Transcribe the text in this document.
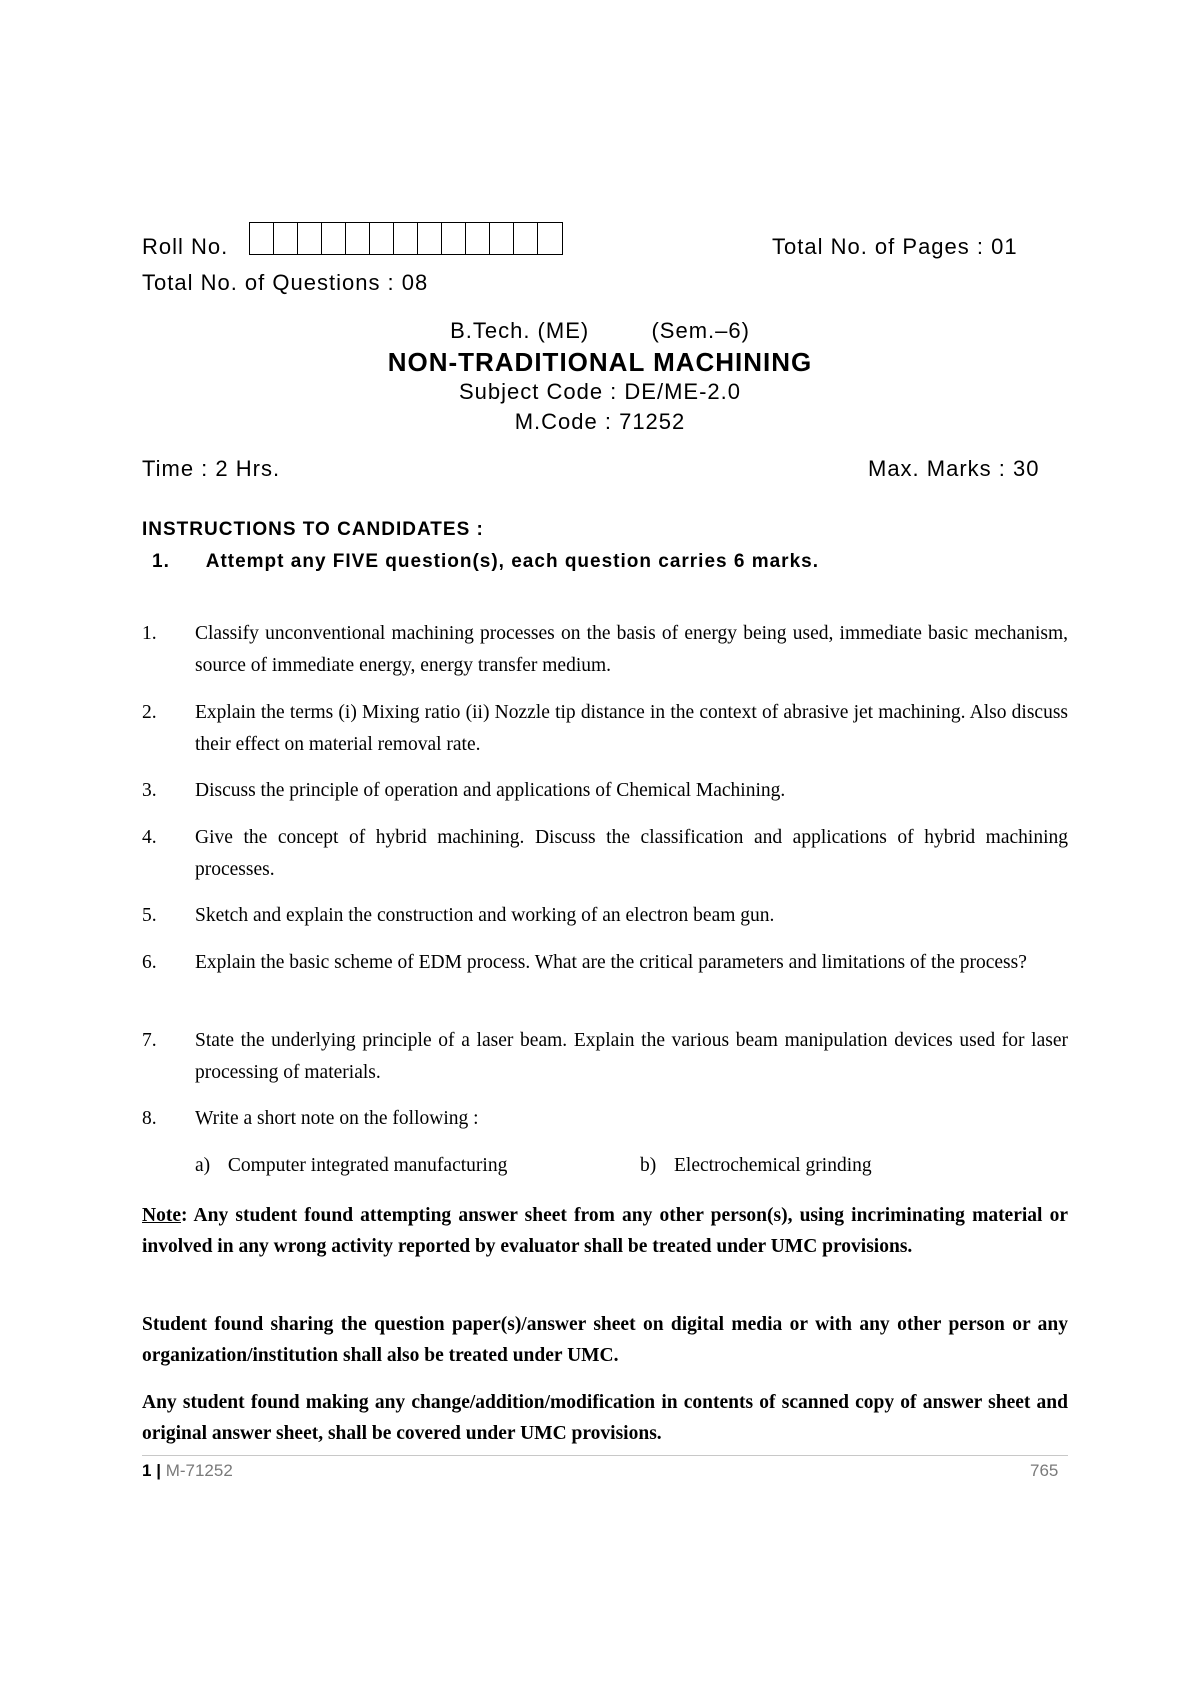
Roll No.	Total No. of Pages : 01
Total No. of Questions : 08
B.Tech. (ME)	(Sem.–6)
NON-TRADITIONAL MACHINING
Subject Code : DE/ME-2.0
M.Code : 71252
Time : 2 Hrs.	Max. Marks : 30
INSTRUCTIONS TO CANDIDATES :
1. Attempt any FIVE question(s), each question carries 6 marks.
1. Classify unconventional machining processes on the basis of energy being used, immediate basic mechanism, source of immediate energy, energy transfer medium.
2. Explain the terms (i) Mixing ratio (ii) Nozzle tip distance in the context of abrasive jet machining. Also discuss their effect on material removal rate.
3. Discuss the principle of operation and applications of Chemical Machining.
4. Give the concept of hybrid machining. Discuss the classification and applications of hybrid machining processes.
5. Sketch and explain the construction and working of an electron beam gun.
6. Explain the basic scheme of EDM process. What are the critical parameters and limitations of the process?
7. State the underlying principle of a laser beam. Explain the various beam manipulation devices used for laser processing of materials.
8. Write a short note on the following :
a) Computer integrated manufacturing	b) Electrochemical grinding
Note: Any student found attempting answer sheet from any other person(s), using incriminating material or involved in any wrong activity reported by evaluator shall be treated under UMC provisions.
Student found sharing the question paper(s)/answer sheet on digital media or with any other person or any organization/institution shall also be treated under UMC.
Any student found making any change/addition/modification in contents of scanned copy of answer sheet and original answer sheet, shall be covered under UMC provisions.
1 | M-71252	765
